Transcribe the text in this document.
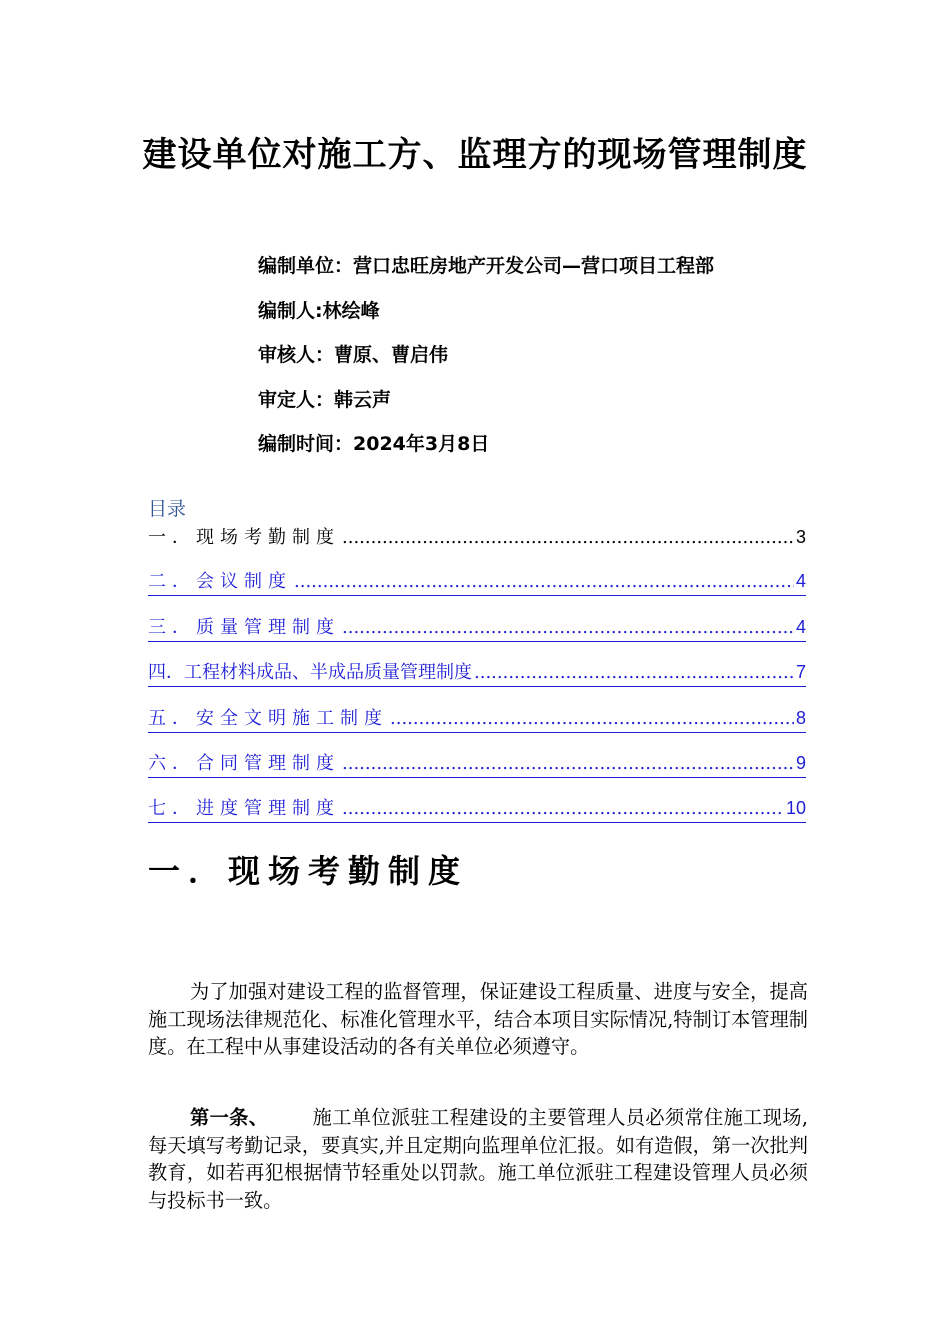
建设单位对施工方、监理方的现场管理制度
编制单位：营口忠旺房地产开发公司—营口项目工程部
编制人:林绘峰
审核人：曹原、曹启伟
审定人：韩云声
编制时间：2024年3月8日
目录
一．现场考勤制度 .....	3
二．会议制度 .....	4
三．质量管理制度 .....	4
四．工程材料成品、半成品质量管理制度 .....	7
五．安全文明施工制度 .....	8
六．合同管理制度 .....	9
七．进度管理制度 .....	10
一．现场考勤制度
为了加强对建设工程的监督管理，保证建设工程质量、进度与安全，提高施工现场法律规范化、标准化管理水平，结合本项目实际情况,特制订本管理制度。在工程中从事建设活动的各有关单位必须遵守。
第一条、 施工单位派驻工程建设的主要管理人员必须常住施工现场,每天填写考勤记录，要真实,并且定期向监理单位汇报。如有造假，第一次批判教育，如若再犯根据情节轻重处以罚款。施工单位派驻工程建设管理人员必须与投标书一致。
